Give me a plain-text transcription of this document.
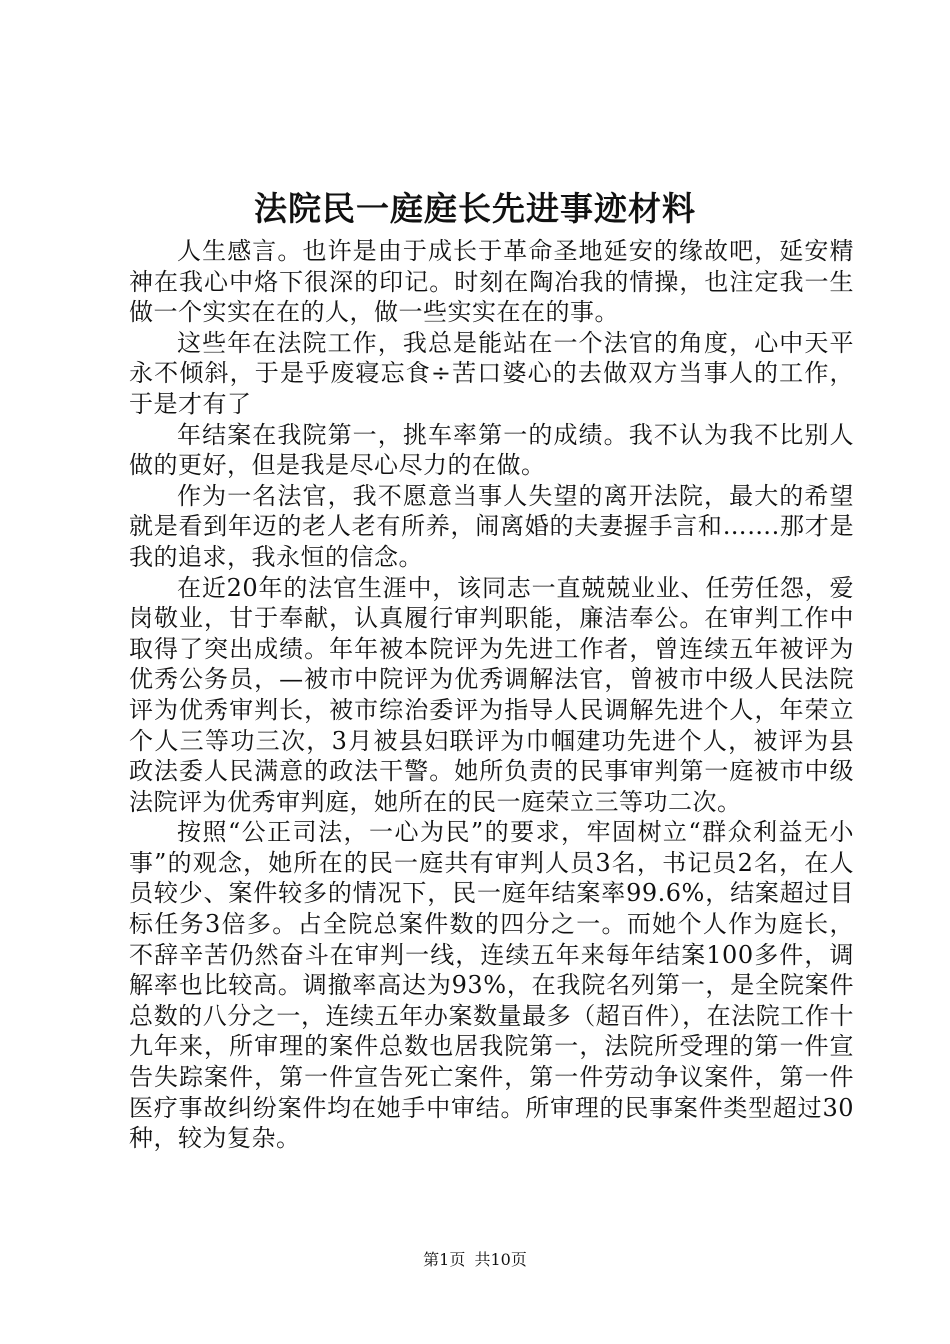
法院民一庭庭长先进事迹材料

人生感言。也许是由于成长于革命圣地延安的缘故吧，延安精神在我心中烙下很深的印记。时刻在陶冶我的情操，也注定我一生做一个实实在在的人，做一些实实在在的事。

这些年在法院工作，我总是能站在一个法官的角度，心中天平永不倾斜，于是乎废寝忘食÷苦口婆心的去做双方当事人的工作，于是才有了

年结案在我院第一，挑车率第一的成绩。我不认为我不比别人做的更好，但是我是尽心尽力的在做。

作为一名法官，我不愿意当事人失望的离开法院，最大的希望就是看到年迈的老人老有所养，闹离婚的夫妻握手言和…….那才是我的追求，我永恒的信念。

在近20年的法官生涯中，该同志一直兢兢业业、任劳任怨，爱岗敬业，甘于奉献，认真履行审判职能，廉洁奉公。在审判工作中取得了突出成绩。年年被本院评为先进工作者，曾连续五年被评为优秀公务员，—被市中院评为优秀调解法官，曾被市中级人民法院评为优秀审判长，被市综治委评为指导人民调解先进个人，年荣立个人三等功三次，3月被县妇联评为巾帼建功先进个人，被评为县政法委人民满意的政法干警。她所负责的民事审判第一庭被市中级法院评为优秀审判庭，她所在的民一庭荣立三等功二次。

按照“公正司法，一心为民”的要求，牢固树立“群众利益无小事”的观念，她所在的民一庭共有审判人员3名，书记员2名，在人员较少、案件较多的情况下，民一庭年结案率99.6%，结案超过目标任务3倍多。占全院总案件数的四分之一。而她个人作为庭长，不辞辛苦仍然奋斗在审判一线，连续五年来每年结案100多件，调解率也比较高。调撤率高达为93%，在我院名列第一，是全院案件总数的八分之一，连续五年办案数量最多（超百件），在法院工作十九年来，所审理的案件总数也居我院第一，法院所受理的第一件宣告失踪案件，第一件宣告死亡案件，第一件劳动争议案件，第一件医疗事故纠纷案件均在她手中审结。所审理的民事案件类型超过30种，较为复杂。

第1页 共10页
